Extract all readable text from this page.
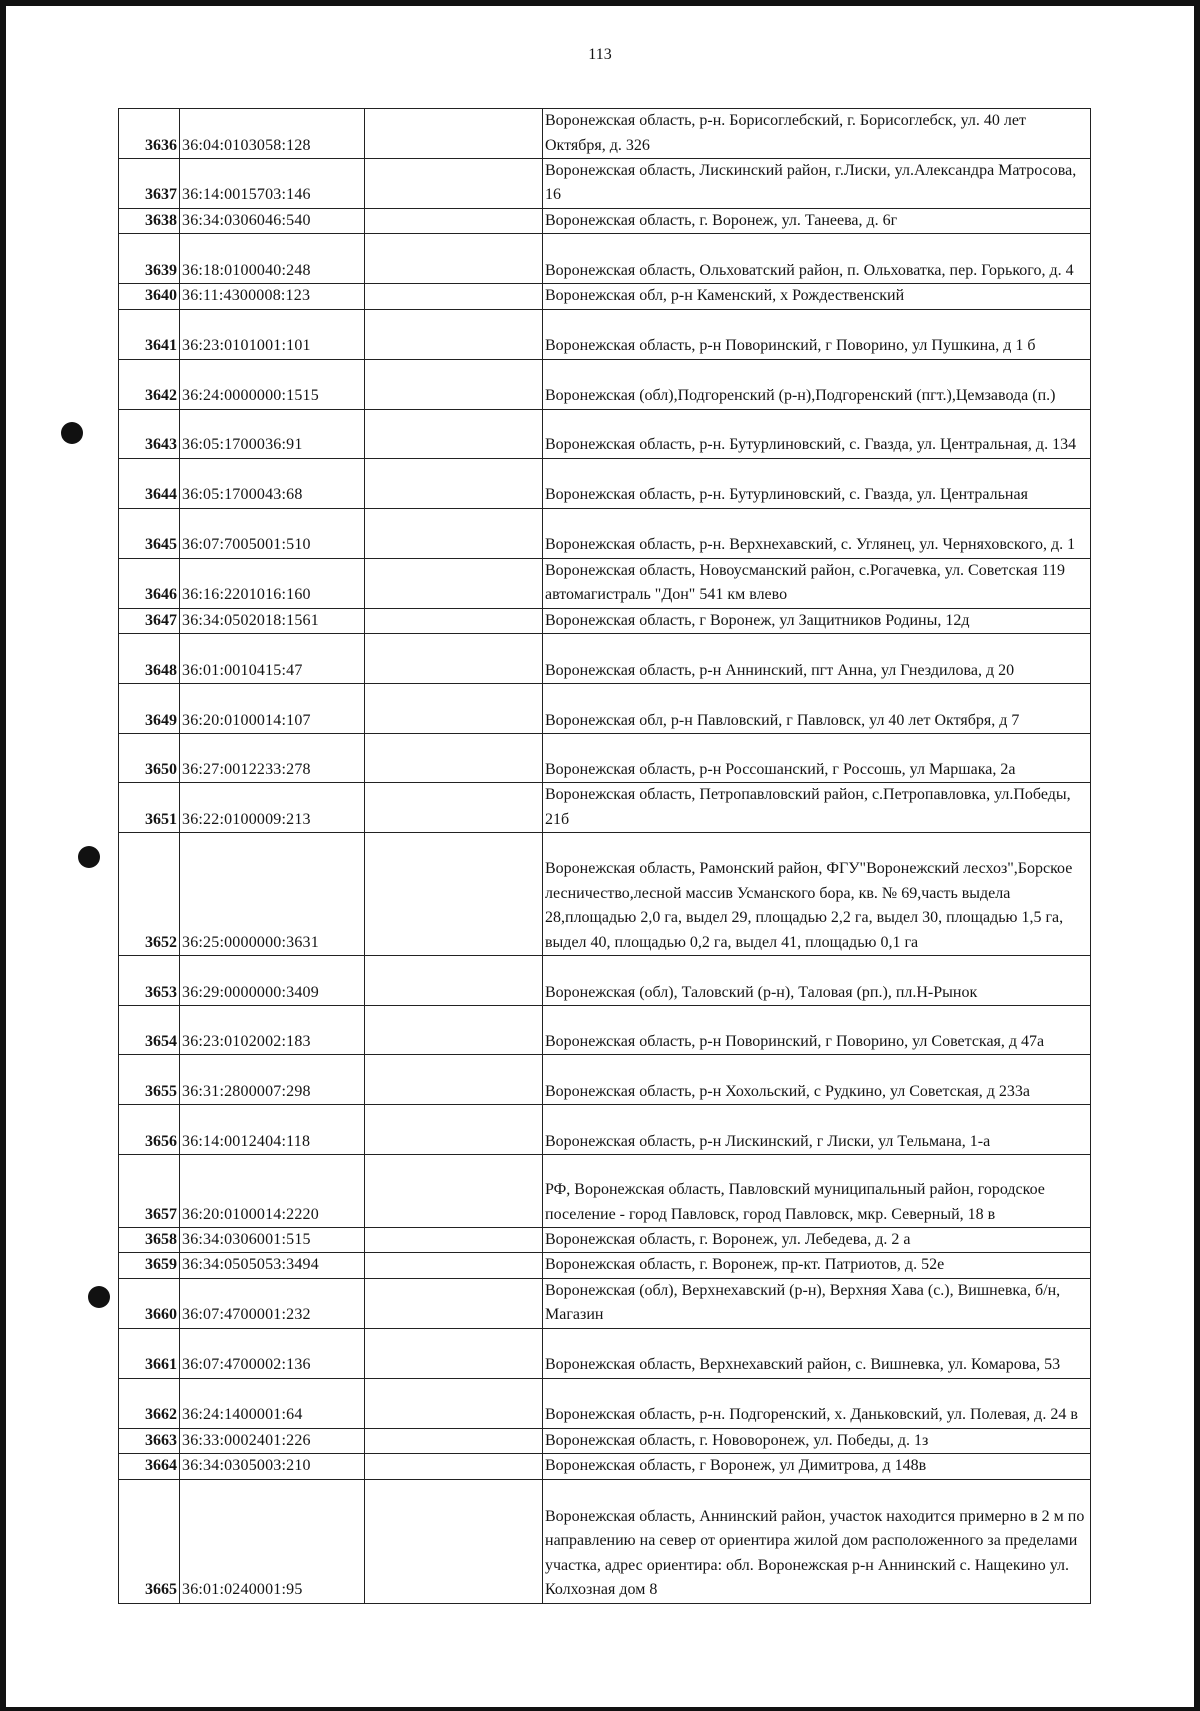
113
3636	36:04:0103058:128		Воронежская область, р-н. Борисоглебский, г. Борисоглебск, ул. 40 лет Октября, д. 326
3637	36:14:0015703:146		Воронежская область, Лискинский район, г.Лиски, ул.Александра Матросова, 16
3638	36:34:0306046:540		Воронежская область, г. Воронеж, ул. Танеева, д. 6г
3639	36:18:0100040:248		Воронежская область, Ольховатский район, п. Ольховатка, пер. Горького, д. 4
3640	36:11:4300008:123		Воронежская обл, р-н Каменский, х Рождественский
3641	36:23:0101001:101		Воронежская область, р-н Поворинский, г Поворино, ул Пушкина, д 1 б
3642	36:24:0000000:1515		Воронежская (обл),Подгоренский (р-н),Подгоренский (пгт.),Цемзавода (п.)
3643	36:05:1700036:91		Воронежская область, р-н. Бутурлиновский, с. Гвазда, ул. Центральная, д. 134
3644	36:05:1700043:68		Воронежская область, р-н. Бутурлиновский, с. Гвазда, ул. Центральная
3645	36:07:7005001:510		Воронежская область, р-н. Верхнехавский, с. Углянец, ул. Черняховского, д. 1
3646	36:16:2201016:160		Воронежская область, Новоусманский район, с.Рогачевка, ул. Советская 119 автомагистраль "Дон" 541 км влево
3647	36:34:0502018:1561		Воронежская область, г Воронеж, ул Защитников Родины, 12д
3648	36:01:0010415:47		Воронежская область, р-н Аннинский, пгт Анна, ул Гнездилова, д 20
3649	36:20:0100014:107		Воронежская обл, р-н Павловский, г Павловск, ул 40 лет Октября, д 7
3650	36:27:0012233:278		Воронежская область, р-н Россошанский, г Россошь, ул Маршака, 2а
3651	36:22:0100009:213		Воронежская область, Петропавловский район, с.Петропавловка, ул.Победы, 21б
3652	36:25:0000000:3631		Воронежская область, Рамонский район, ФГУ"Воронежский лесхоз",Борское лесничество,лесной массив Усманского бора, кв. № 69,часть выдела 28,площадью 2,0 га, выдел 29, площадью 2,2 га, выдел 30, площадью 1,5 га, выдел 40, площадью 0,2 га, выдел 41, площадью 0,1 га
3653	36:29:0000000:3409		Воронежская (обл), Таловский (р-н), Таловая (рп.), пл.Н-Рынок
3654	36:23:0102002:183		Воронежская область, р-н Поворинский, г Поворино, ул Советская, д 47а
3655	36:31:2800007:298		Воронежская область, р-н Хохольский, с Рудкино, ул Советская, д 233а
3656	36:14:0012404:118		Воронежская область, р-н Лискинский, г Лиски, ул Тельмана, 1-а
3657	36:20:0100014:2220		РФ, Воронежская область, Павловский муниципальный район, городское поселение - город Павловск, город Павловск, мкр. Северный, 18 в
3658	36:34:0306001:515		Воронежская область, г. Воронеж, ул. Лебедева, д. 2 а
3659	36:34:0505053:3494		Воронежская область, г. Воронеж, пр-кт. Патриотов, д. 52е
3660	36:07:4700001:232		Воронежская (обл), Верхнехавский (р-н), Верхняя Хава (с.), Вишневка, б/н, Магазин
3661	36:07:4700002:136		Воронежская область, Верхнехавский район, с. Вишневка, ул. Комарова, 53
3662	36:24:1400001:64		Воронежская область, р-н. Подгоренский, х. Даньковский, ул. Полевая, д. 24 в
3663	36:33:0002401:226		Воронежская область, г. Нововоронеж, ул. Победы, д. 1з
3664	36:34:0305003:210		Воронежская область, г Воронеж, ул Димитрова, д 148в
3665	36:01:0240001:95		Воронежская область, Аннинский район, участок находится примерно в 2 м по направлению на север от ориентира жилой дом расположенного за пределами участка, адрес ориентира: обл. Воронежская р-н Аннинский с. Нащекино ул. Колхозная дом 8
